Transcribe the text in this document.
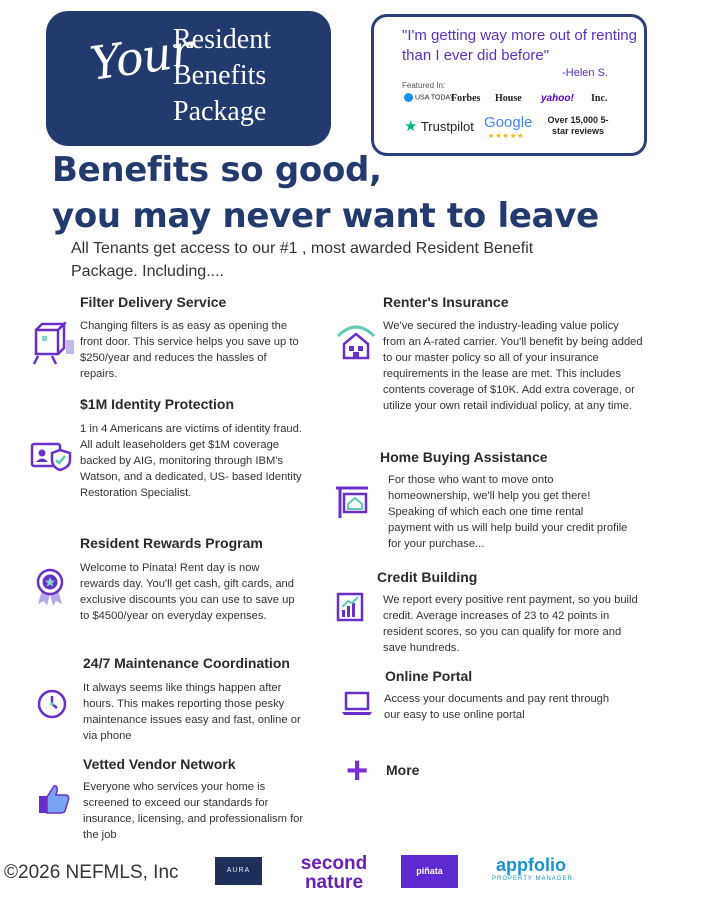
Your
Resident
Benefits
Package
"I'm getting way more out of renting than I ever did before"
-Helen S.
Featured In:
USA TODAY
Forbes House yahoo! Inc.
★ Trustpilot Google
★★★★★
Over 15,000 5-star reviews
Benefits so good,
you may never want to leave
All Tenants get access to our #1 , most awarded Resident Benefit Package. Including....
Filter Delivery Service
Changing filters is as easy as opening the front door. This service helps you save up to $250/year and reduces the hassles of repairs.
$1M Identity Protection
1 in 4 Americans are victims of identity fraud. All adult leaseholders get $1M coverage backed by AIG, monitoring through IBM's Watson, and a dedicated, US- based Identity Restoration Specialist.
Resident Rewards Program
Welcome to Pinata! Rent day is now rewards day. You'll get cash, gift cards, and exclusive discounts you can use to save up to $4500/year on everyday expenses.
24/7 Maintenance Coordination
It always seems like things happen after hours. This makes reporting those pesky maintenance issues easy and fast, online or via phone
Vetted Vendor Network
Everyone who services your home is screened to exceed our standards for insurance, licensing, and professionalism for the job
Renter's Insurance
We've secured the industry-leading value policy from an A-rated carrier. You'll benefit by being added to our master policy so all of your insurance requirements in the lease are met. This includes contents coverage of $10K. Add extra coverage, or utilize your own retail individual policy, at any time.
Home Buying Assistance
For those who want to move onto homeownership, we'll help you get there! Speaking of which each one time rental payment with us will help build your credit profile for your purchase...
Credit Building
We report every positive rent payment, so you build credit. Average increases of 23 to 42 points in resident scores, so you can qualify for more and save hundreds.
Online Portal
Access your documents and pay rent through our easy to use online portal
+ More
©2026 NEFMLS, Inc	AURA	second nature
piñata	appfolio
PROPERTY MANAGER
